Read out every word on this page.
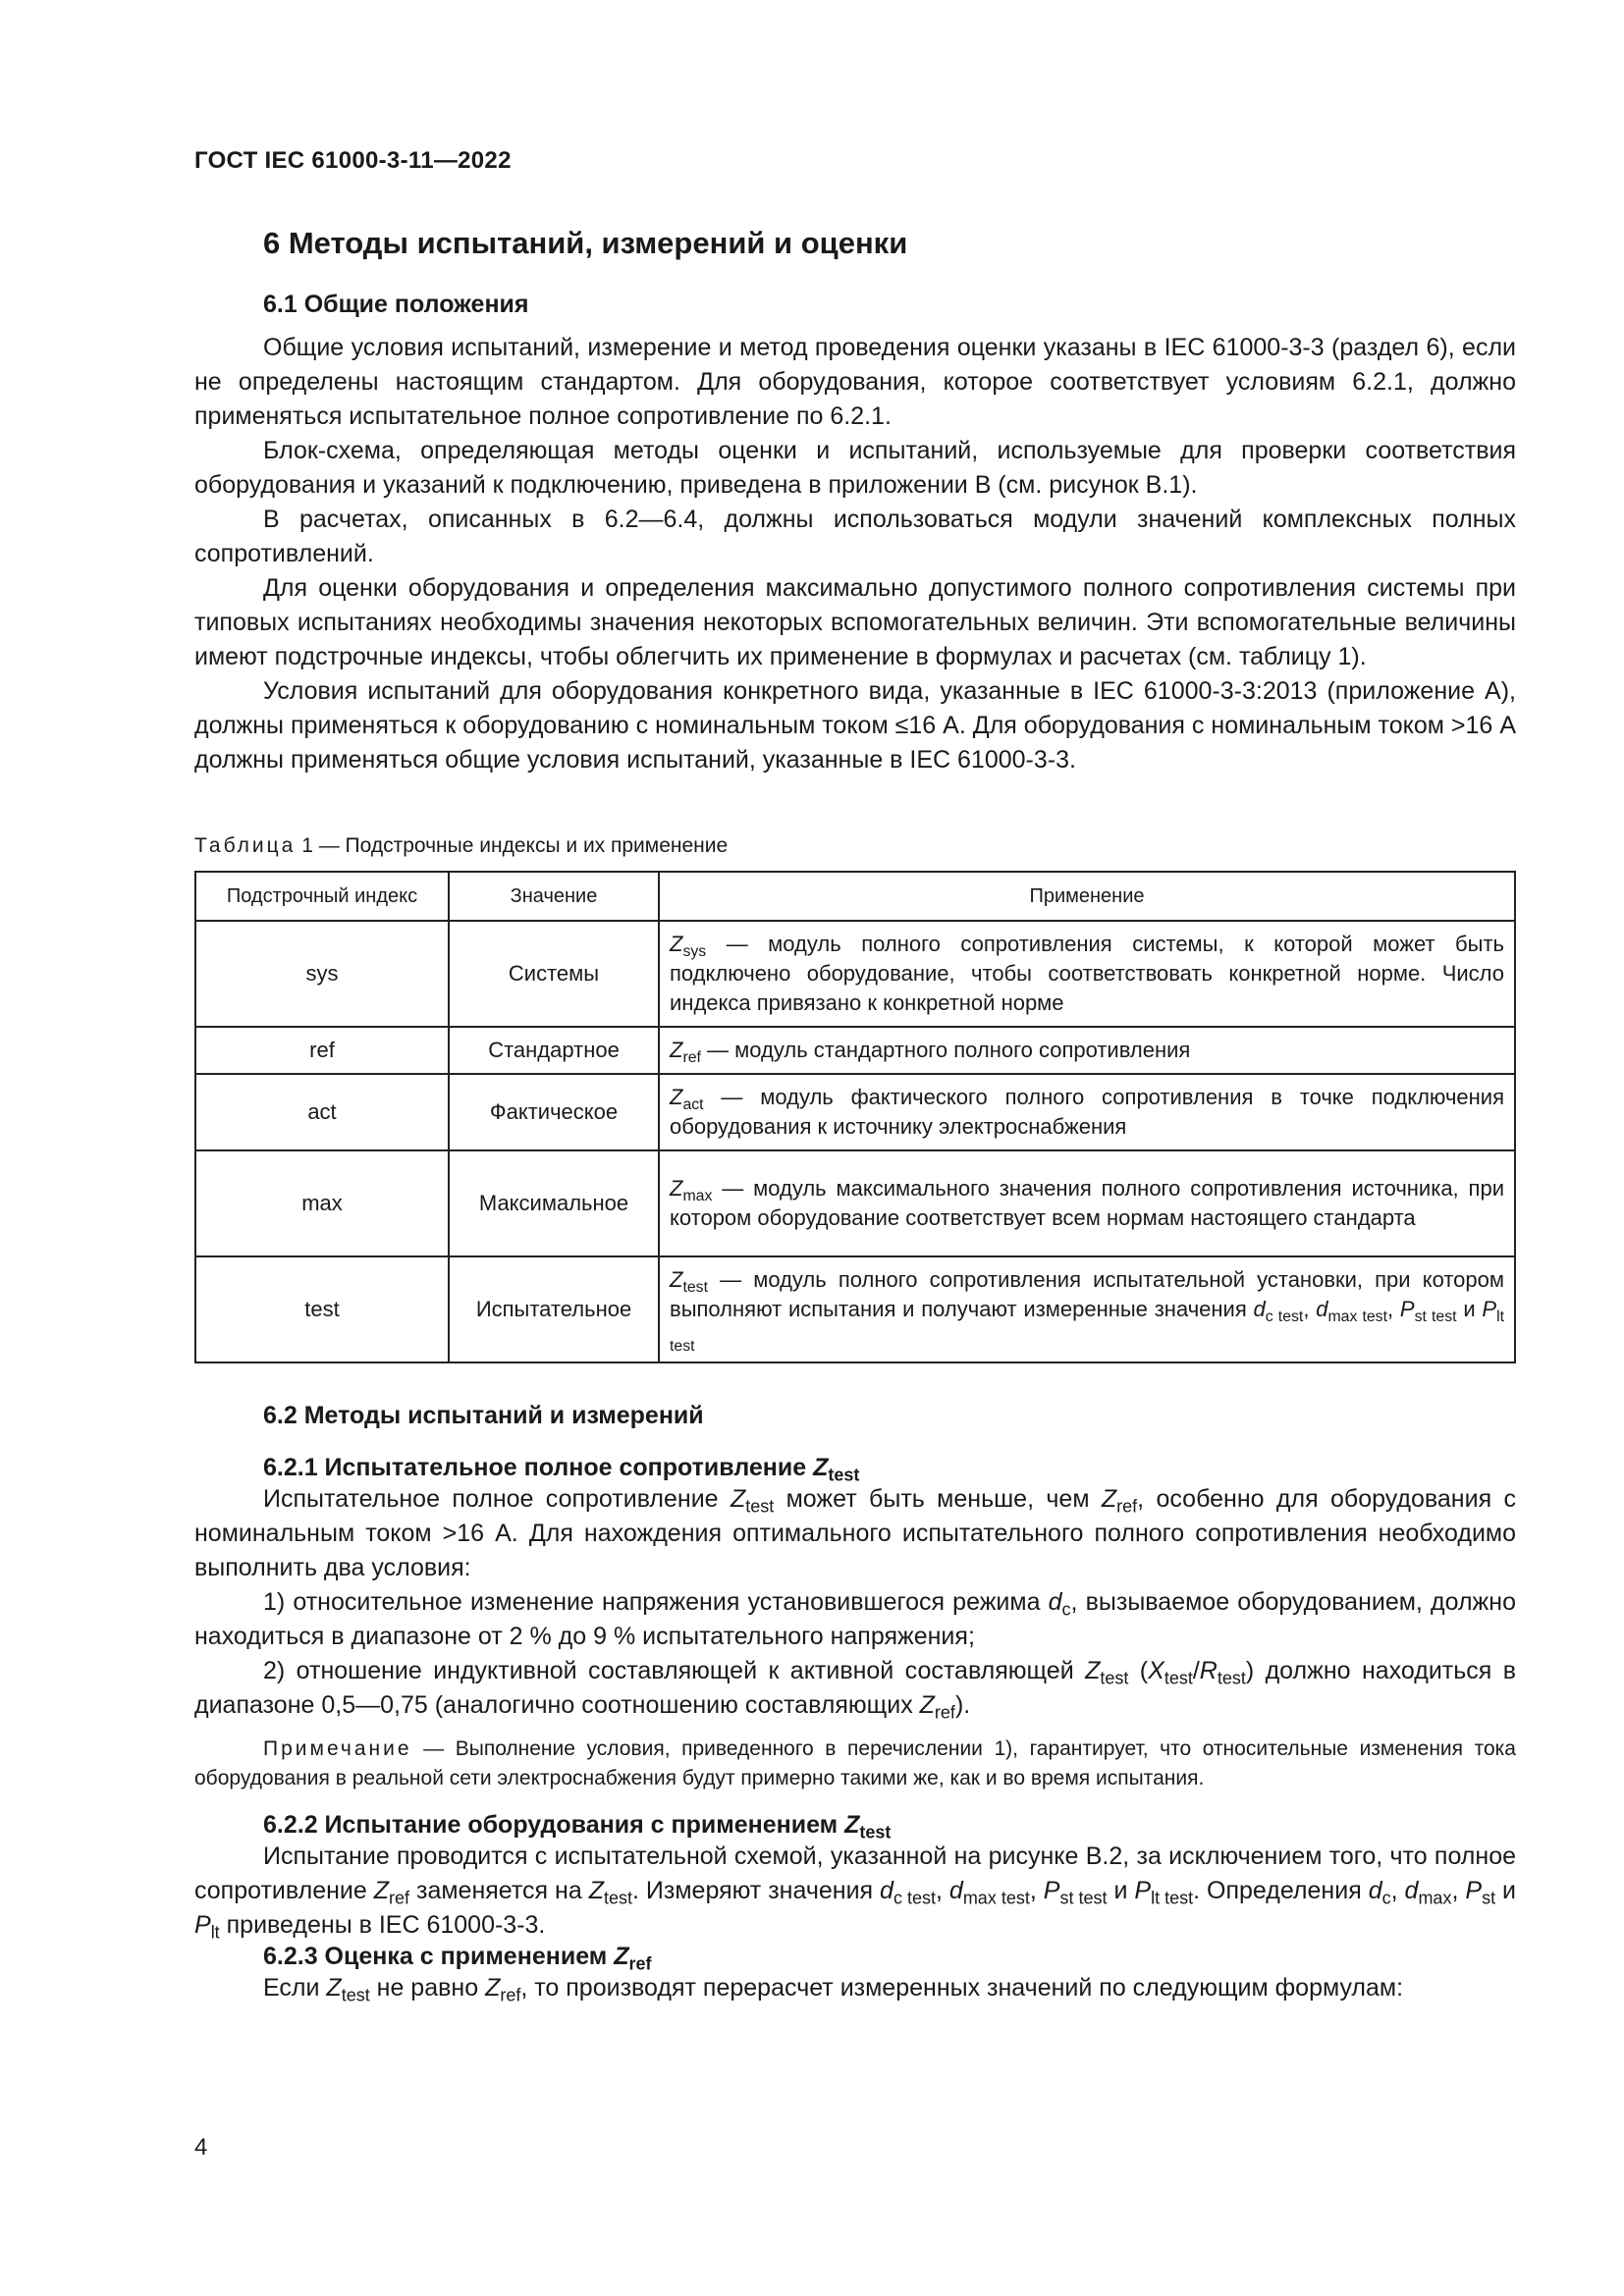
ГОСТ IEC 61000-3-11—2022
6 Методы испытаний, измерений и оценки
6.1 Общие положения

Общие условия испытаний, измерение и метод проведения оценки указаны в IEC 61000-3-3 (раздел 6), если не определены настоящим стандартом. Для оборудования, которое соответствует условиям 6.2.1, должно применяться испытательное полное сопротивление по 6.2.1.

Блок-схема, определяющая методы оценки и испытаний, используемые для проверки соответствия оборудования и указаний к подключению, приведена в приложении В (см. рисунок В.1).

В расчетах, описанных в 6.2—6.4, должны использоваться модули значений комплексных полных сопротивлений.

Для оценки оборудования и определения максимально допустимого полного сопротивления системы при типовых испытаниях необходимы значения некоторых вспомогательных величин. Эти вспомогательные величины имеют подстрочные индексы, чтобы облегчить их применение в формулах и расчетах (см. таблицу 1).

Условия испытаний для оборудования конкретного вида, указанные в IEC 61000-3-3:2013 (приложение А), должны применяться к оборудованию с номинальным током ≤16 А. Для оборудования с номинальным током >16 А должны применяться общие условия испытаний, указанные в IEC 61000-3-3.

Таблица 1 — Подстрочные индексы и их применение
Подстрочный индекс	Значение	Применение
sys	Системы	$Z_{sys}$ — модуль полного сопротивления системы, к которой может быть подключено оборудование, чтобы соответствовать конкретной норме. Число индекса привязано к конкретной норме
ref	Стандартное	$Z_{ref}$ — модуль стандартного полного сопротивления
act	Фактическое	$Z_{act}$ — модуль фактического полного сопротивления в точке подключения оборудования к источнику электроснабжения
max	Максимальное	$Z_{max}$ — модуль максимального значения полного сопротивления источника, при котором оборудование соответствует всем нормам настоящего стандарта
test	Испытательное	$Z_{test}$ — модуль полного сопротивления испытательной установки, при котором выполняют испытания и получают измеренные значения $d_{c test}$, $d_{max test}$, $P_{st test}$ и $P_{lt test}$
6.2 Методы испытаний и измерений
6.2.1 Испытательное полное сопротивление $Z_{test}$

Испытательное полное сопротивление $Z_{test}$ может быть меньше, чем $Z_{ref}$, особенно для оборудования с номинальным током >16 А. Для нахождения оптимального испытательного полного сопротивления необходимо выполнить два условия:

1) относительное изменение напряжения установившегося режима $d_c$, вызываемое оборудованием, должно находиться в диапазоне от 2 % до 9 % испытательного напряжения;

2) отношение индуктивной составляющей к активной составляющей $Z_{test}$ $(X_{test}/R_{test})$ должно находиться в диапазоне 0,5—0,75 (аналогично соотношению составляющих $Z_{ref}$).

Примечание — Выполнение условия, приведенного в перечислении 1), гарантирует, что относительные изменения тока оборудования в реальной сети электроснабжения будут примерно такими же, как и во время испытания.

6.2.2 Испытание оборудования с применением $Z_{test}$

Испытание проводится с испытательной схемой, указанной на рисунке В.2, за исключением того, что полное сопротивление $Z_{ref}$ заменяется на $Z_{test}$. Измеряют значения $d_{c test}$, $d_{max test}$, $P_{st test}$ и $P_{lt test}$. Определения $d_c$, $d_{max}$, $P_{st}$ и $P_{lt}$ приведены в IEC 61000-3-3.

6.2.3 Оценка с применением $Z_{ref}$

Если $Z_{test}$ не равно $Z_{ref}$, то производят перерасчет измеренных значений по следующим формулам:

4
